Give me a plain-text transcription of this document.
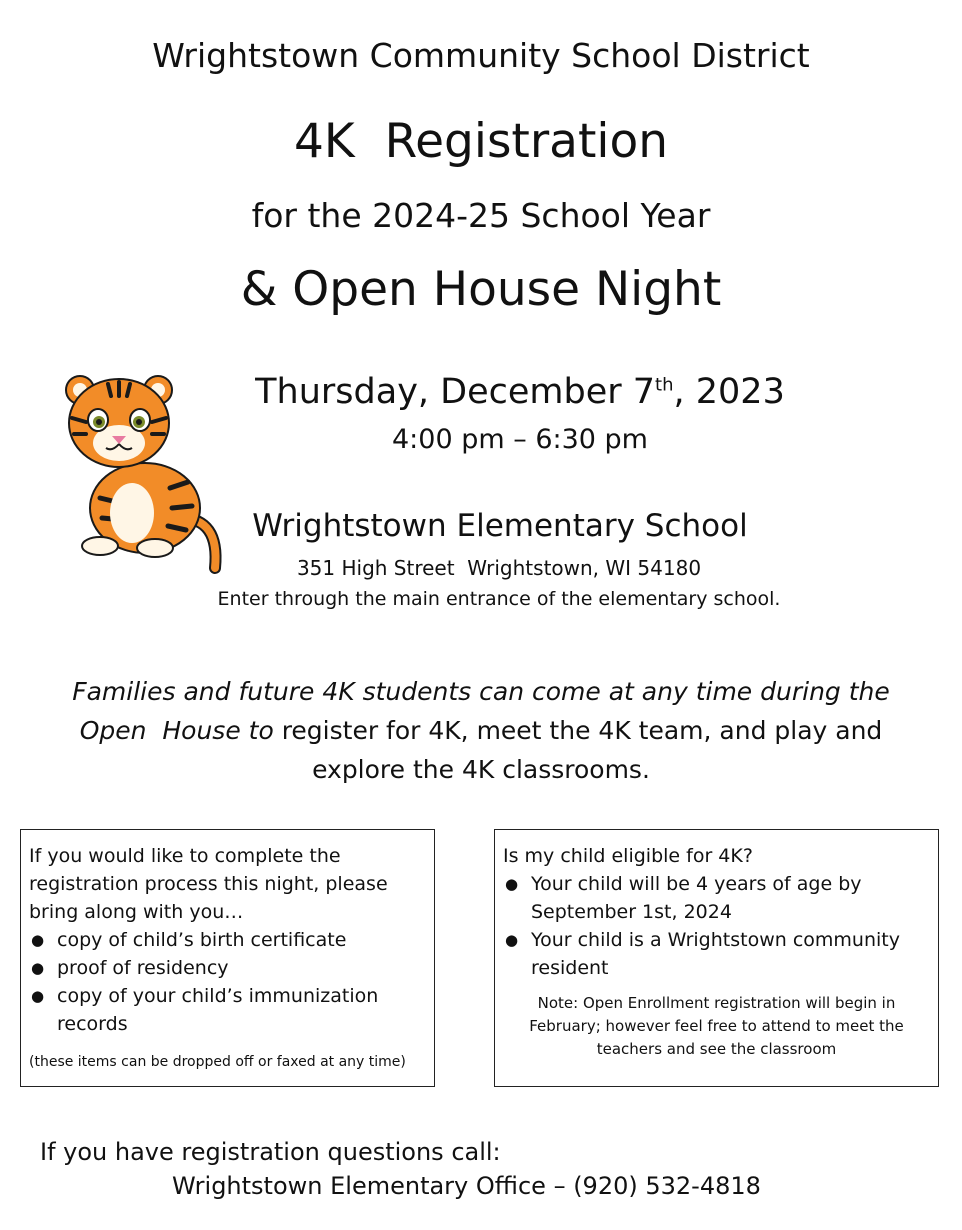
Wrightstown Community School District
4K  Registration
for the 2024-25 School Year
& Open House Night
Thursday, December 7th, 2023
4:00 pm – 6:30 pm
Wrightstown Elementary School
351 High Street  Wrightstown, WI 54180
Enter through the main entrance of the elementary school.
Families and future 4K students can come at any time during the
Open  House to register for 4K, meet the 4K team, and play and
explore the 4K classrooms.
If you would like to complete the registration process this night, please bring along with you…
● copy of child’s birth certificate
● proof of residency
● copy of your child’s immunization records
(these items can be dropped off or faxed at any time)
Is my child eligible for 4K?
● Your child will be 4 years of age by September 1st, 2024
● Your child is a Wrightstown community resident
Note: Open Enrollment registration will begin in February; however feel free to attend to meet the teachers and see the classroom
If you have registration questions call:
Wrightstown Elementary Office – (920) 532-4818
